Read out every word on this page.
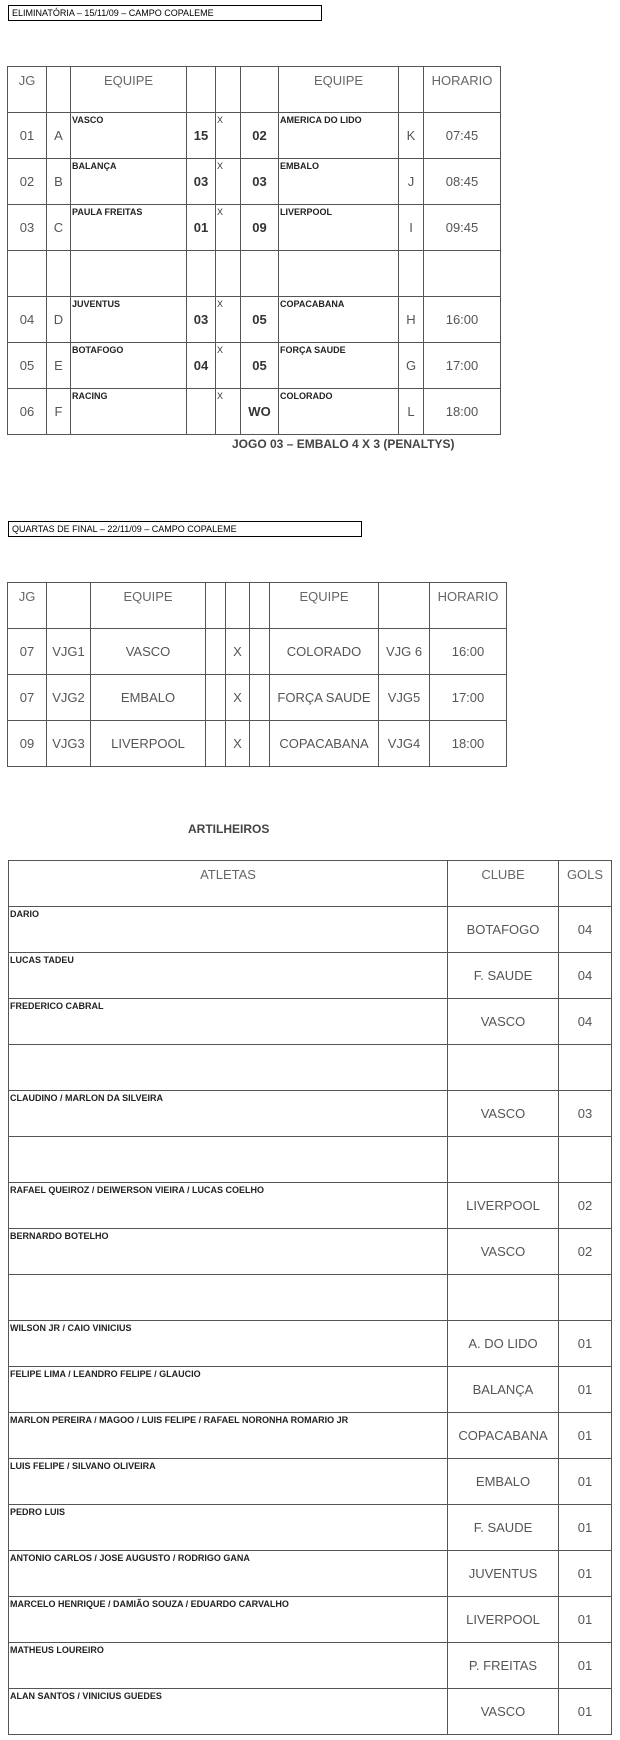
ELIMINATÓRIA – 15/11/09 – CAMPO COPALEME
JG		EQUIPE				EQUIPE		HORARIO
01	A	VASCO	15	X	02	AMERICA DO LIDO	K	07:45
02	B	BALANÇA	03	X	03	EMBALO	J	08:45
03	C	PAULA FREITAS	01	X	09	LIVERPOOL	I	09:45

04	D	JUVENTUS	03	X	05	COPACABANA	H	16:00
05	E	BOTAFOGO	04	X	05	FORÇA SAUDE	G	17:00
06	F	RACING		X	WO	COLORADO	L	18:00
JOGO 03 – EMBALO 4 X 3 (PENALTYS)
QUARTAS DE FINAL – 22/11/09 – CAMPO COPALEME
JG		EQUIPE				EQUIPE		HORARIO
07	VJG1	VASCO		X		COLORADO	VJG 6	16:00
07	VJG2	EMBALO		X		FORÇA SAUDE	VJG5	17:00
09	VJG3	LIVERPOOL		X		COPACABANA	VJG4	18:00
ARTILHEIROS
ATLETAS	CLUBE	GOLS
DARIO	BOTAFOGO	04
LUCAS TADEU	F. SAUDE	04
FREDERICO CABRAL	VASCO	04

CLAUDINO / MARLON DA SILVEIRA	VASCO	03

RAFAEL QUEIROZ / DEIWERSON VIEIRA / LUCAS COELHO	LIVERPOOL	02
BERNARDO BOTELHO	VASCO	02

WILSON JR / CAIO VINICIUS	A. DO LIDO	01
FELIPE LIMA / LEANDRO FELIPE / GLAUCIO	BALANÇA	01
MARLON PEREIRA / MAGOO / LUIS FELIPE / RAFAEL NORONHA ROMARIO JR	COPACABANA	01
LUIS FELIPE / SILVANO OLIVEIRA	EMBALO	01
PEDRO LUIS	F. SAUDE	01
ANTONIO CARLOS / JOSE AUGUSTO / RODRIGO GANA	JUVENTUS	01
MARCELO HENRIQUE / DAMIÃO SOUZA / EDUARDO CARVALHO	LIVERPOOL	01
MATHEUS LOUREIRO	P. FREITAS	01
ALAN SANTOS / VINICIUS GUEDES	VASCO	01
